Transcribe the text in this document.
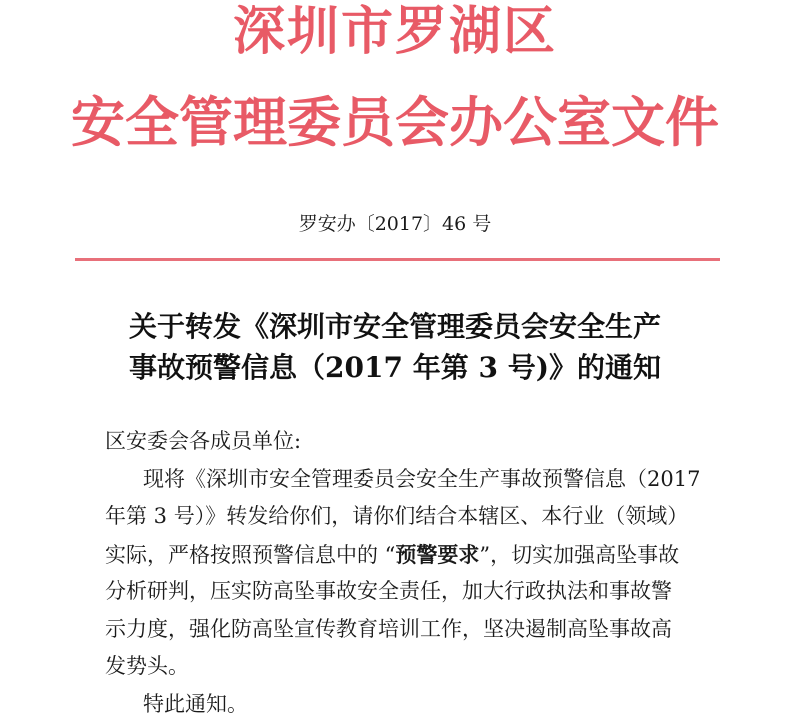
深圳市罗湖区
安全管理委员会办公室文件
罗安办〔2017〕46 号
关于转发《深圳市安全管理委员会安全生产
事故预警信息（2017 年第 3 号)》的通知
区安委会各成员单位:
现将《深圳市安全管理委员会安全生产事故预警信息（2017
年第 3 号）》转发给你们，请你们结合本辖区、本行业（领域）
实际，严格按照预警信息中的 “预警要求”，切实加强高坠事故
分析研判，压实防高坠事故安全责任，加大行政执法和事故警
示力度，强化防高坠宣传教育培训工作，坚决遏制高坠事故高
发势头。
特此通知。
